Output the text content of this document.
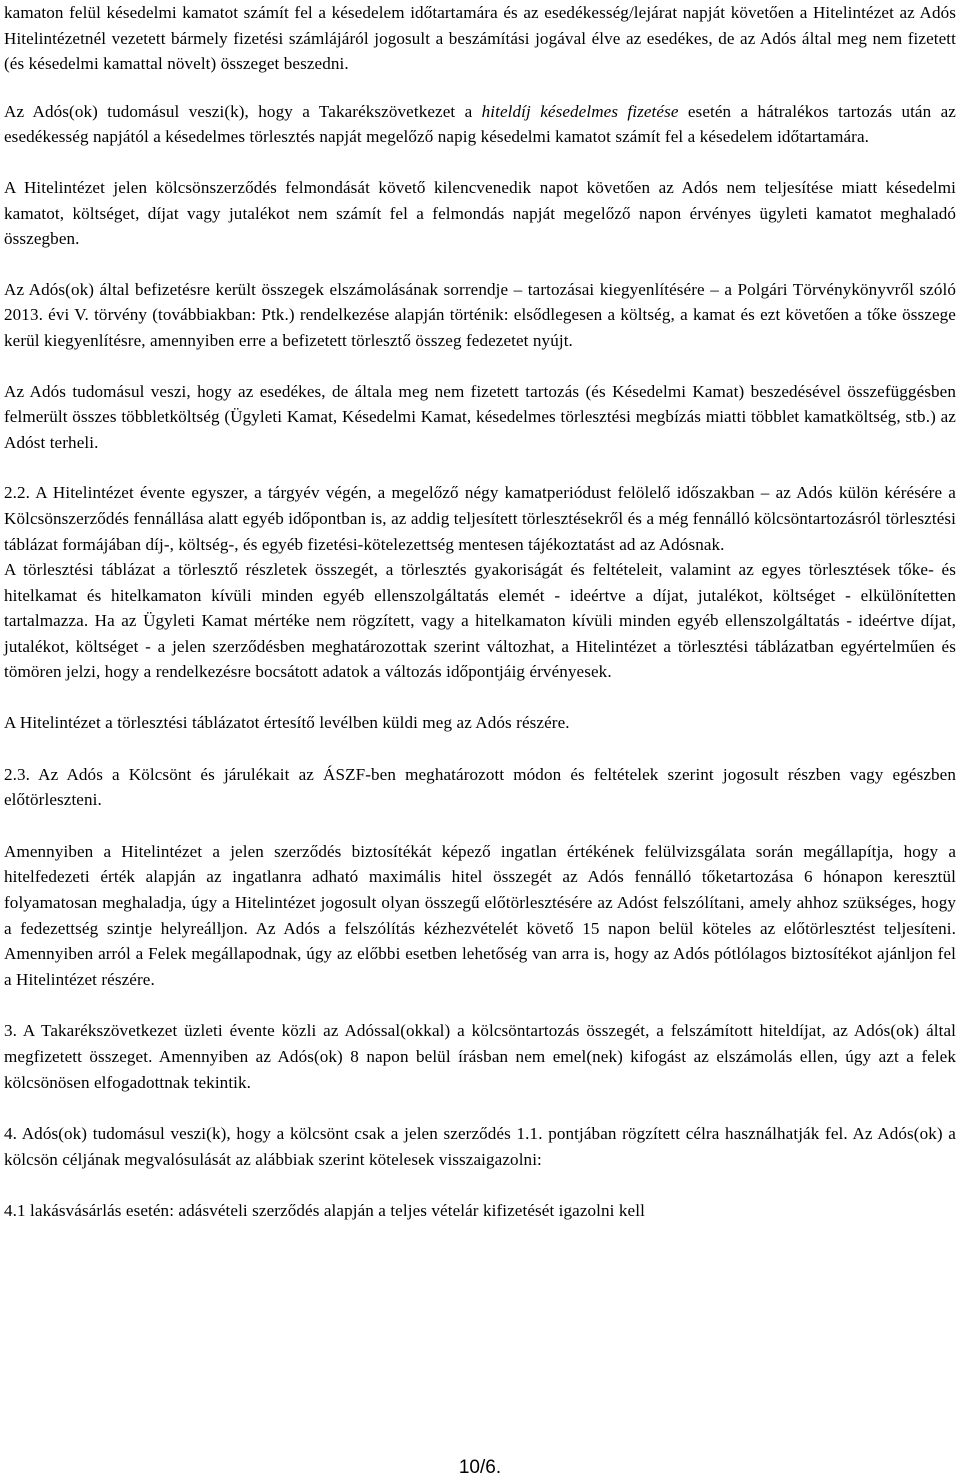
kamaton felül késedelmi kamatot számít fel a késedelem időtartamára és az esedékesség/lejárat napját követően a Hitelintézet az Adós Hitelintézetnél vezetett bármely fizetési számlájáról jogosult a beszámítási jogával élve az esedékes, de az Adós által meg nem fizetett (és késedelmi kamattal növelt) összeget beszedni.

Az Adós(ok) tudomásul veszi(k), hogy a Takarékszövetkezet a hiteldíj késedelmes fizetése esetén a hátralékos tartozás után az esedékesség napjától a késedelmes törlesztés napját megelőző napig késedelmi kamatot számít fel a késedelem időtartamára.

A Hitelintézet jelen kölcsönszerződés felmondását követő kilencvenedik napot követően az Adós nem teljesítése miatt késedelmi kamatot, költséget, díjat vagy jutalékot nem számít fel a felmondás napját megelőző napon érvényes ügyleti kamatot meghaladó összegben.

Az Adós(ok) által befizetésre került összegek elszámolásának sorrendje – tartozásai kiegyenlítésére – a Polgári Törvénykönyvről szóló 2013. évi V. törvény (továbbiakban: Ptk.) rendelkezése alapján történik: elsődlegesen a költség, a kamat és ezt követően a tőke összege kerül kiegyenlítésre, amennyiben erre a befizetett törlesztő összeg fedezetet nyújt.

Az Adós tudomásul veszi, hogy az esedékes, de általa meg nem fizetett tartozás (és Késedelmi Kamat) beszedésével összefüggésben felmerült összes többletköltség (Ügyleti Kamat, Késedelmi Kamat, késedelmes törlesztési megbízás miatti többlet kamatköltség, stb.) az Adóst terheli.

2.2. A Hitelintézet évente egyszer, a tárgyév végén, a megelőző négy kamatperiódust felölelő időszakban – az Adós külön kérésére a Kölcsönszerződés fennállása alatt egyéb időpontban is, az addig teljesített törlesztésekről és a még fennálló kölcsöntartozásról törlesztési táblázat formájában díj-, költség-, és egyéb fizetési-kötelezettség mentesen tájékoztatást ad az Adósnak.

A törlesztési táblázat a törlesztő részletek összegét, a törlesztés gyakoriságát és feltételeit, valamint az egyes törlesztések tőke- és hitelkamat és hitelkamaton kívüli minden egyéb ellenszolgáltatás elemét - ideértve a díjat, jutalékot, költséget - elkülönítetten tartalmazza. Ha az Ügyleti Kamat mértéke nem rögzített, vagy a hitelkamaton kívüli minden egyéb ellenszolgáltatás - ideértve díjat, jutalékot, költséget - a jelen szerződésben meghatározottak szerint változhat, a Hitelintézet a törlesztési táblázatban egyértelműen és tömören jelzi, hogy a rendelkezésre bocsátott adatok a változás időpontjáig érvényesek.

A Hitelintézet a törlesztési táblázatot értesítő levélben küldi meg az Adós részére.

2.3. Az Adós a Kölcsönt és járulékait az ÁSZF-ben meghatározott módon és feltételek szerint jogosult részben vagy egészben előtörleszteni.

Amennyiben a Hitelintézet a jelen szerződés biztosítékát képező ingatlan értékének felülvizsgálata során megállapítja, hogy a hitelfedezeti érték alapján az ingatlanra adható maximális hitel összegét az Adós fennálló tőketartozása 6 hónapon keresztül folyamatosan meghaladja, úgy a Hitelintézet jogosult olyan összegű előtörlesztésére az Adóst felszólítani, amely ahhoz szükséges, hogy a fedezettség szintje helyreálljon. Az Adós a felszólítás kézhezvételét követő 15 napon belül köteles az előtörlesztést teljesíteni. Amennyiben arról a Felek megállapodnak, úgy az előbbi esetben lehetőség van arra is, hogy az Adós pótlólagos biztosítékot ajánljon fel a Hitelintézet részére.

3. A Takarékszövetkezet üzleti évente közli az Adóssal(okkal) a kölcsöntartozás összegét, a felszámított hiteldíjat, az Adós(ok) által megfizetett összeget. Amennyiben az Adós(ok) 8 napon belül írásban nem emel(nek) kifogást az elszámolás ellen, úgy azt a felek kölcsönösen elfogadottnak tekintik.

4. Adós(ok) tudomásul veszi(k), hogy a kölcsönt csak a jelen szerződés 1.1. pontjában rögzített célra használhatják fel. Az Adós(ok) a kölcsön céljának megvalósulását az alábbiak szerint kötelesek visszaigazolni:

4.1 lakásvásárlás esetén: adásvételi szerződés alapján a teljes vételár kifizetését igazolni kell

10/6.
